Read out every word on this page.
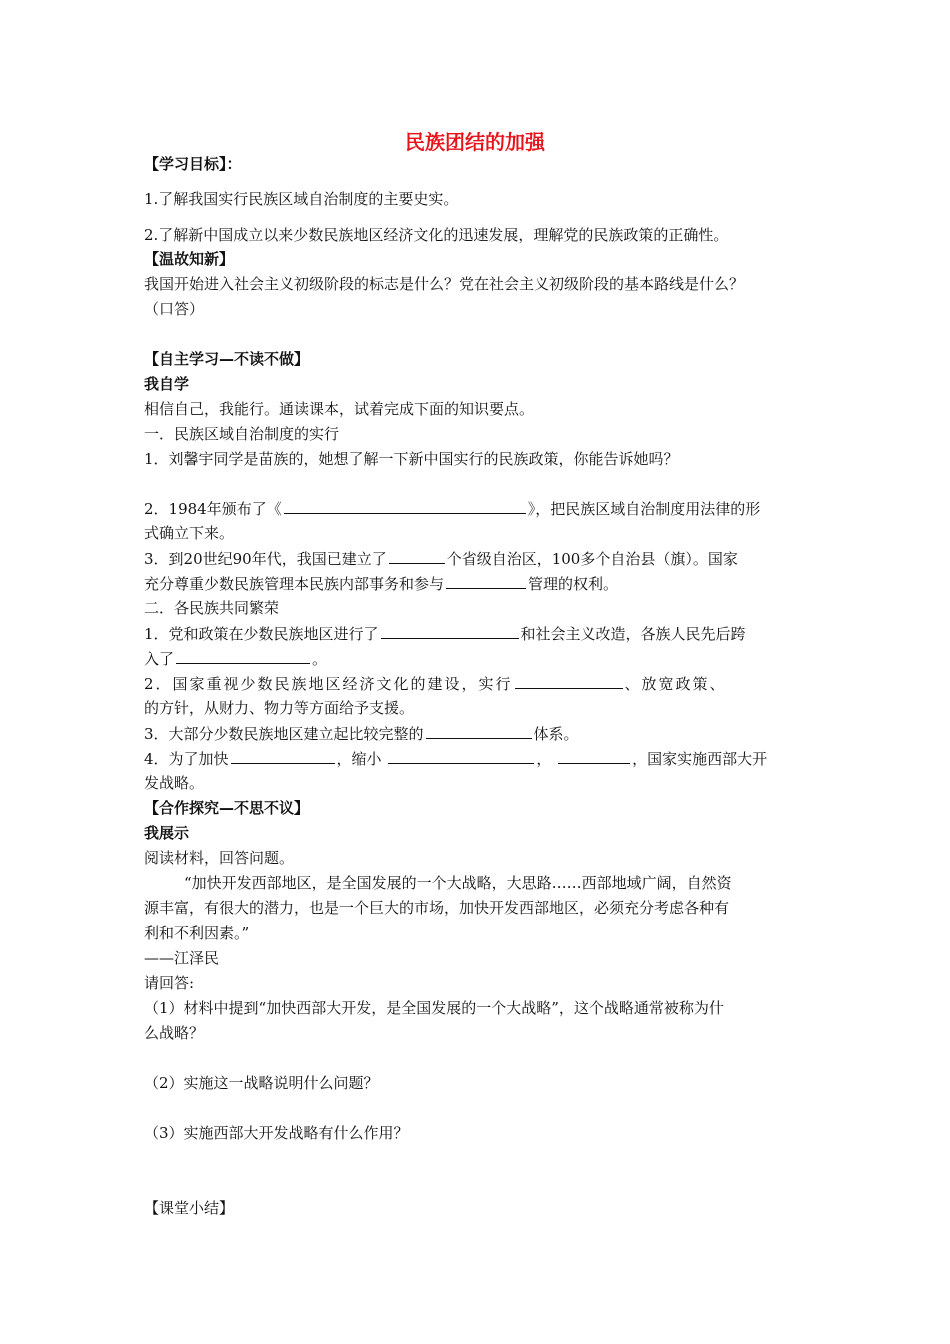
民族团结的加强
【学习目标】：
1.了解我国实行民族区域自治制度的主要史实。
2.了解新中国成立以来少数民族地区经济文化的迅速发展，理解党的民族政策的正确性。
【温故知新】
我国开始进入社会主义初级阶段的标志是什么？党在社会主义初级阶段的基本路线是什么？
（口答）
【自主学习—不读不做】
我自学
相信自己，我能行。通读课本，试着完成下面的知识要点。
一．民族区域自治制度的实行
1．刘馨宇同学是苗族的，她想了解一下新中国实行的民族政策，你能告诉她吗？
2．1984年颁布了《	》，把民族区域自治制度用法律的形
式确立下来。
3．到20世纪90年代，我国已建立了	个省级自治区，100多个自治县（旗）。国家
充分尊重少数民族管理本民族内部事务和参与	管理的权利。
二．各民族共同繁荣
1．党和政策在少数民族地区进行了	和社会主义改造，各族人民先后跨
入了	。
2．国家重视少数民族地区经济文化的建设，实行	、放宽政策、
的方针，从财力、物力等方面给予支援。
3．大部分少数民族地区建立起比较完整的	体系。
4．为了加快	，缩小	，	，国家实施西部大开
发战略。
【合作探究—不思不议】
我展示
阅读材料，回答问题。
“加快开发西部地区，是全国发展的一个大战略，大思路……西部地域广阔，自然资
源丰富，有很大的潜力，也是一个巨大的市场，加快开发西部地区，必须充分考虑各种有
利和不利因素。”
——江泽民
请回答:
（1）材料中提到“加快西部大开发，是全国发展的一个大战略”，这个战略通常被称为什
么战略？
（2）实施这一战略说明什么问题？
（3）实施西部大开发战略有什么作用？
【课堂小结】
